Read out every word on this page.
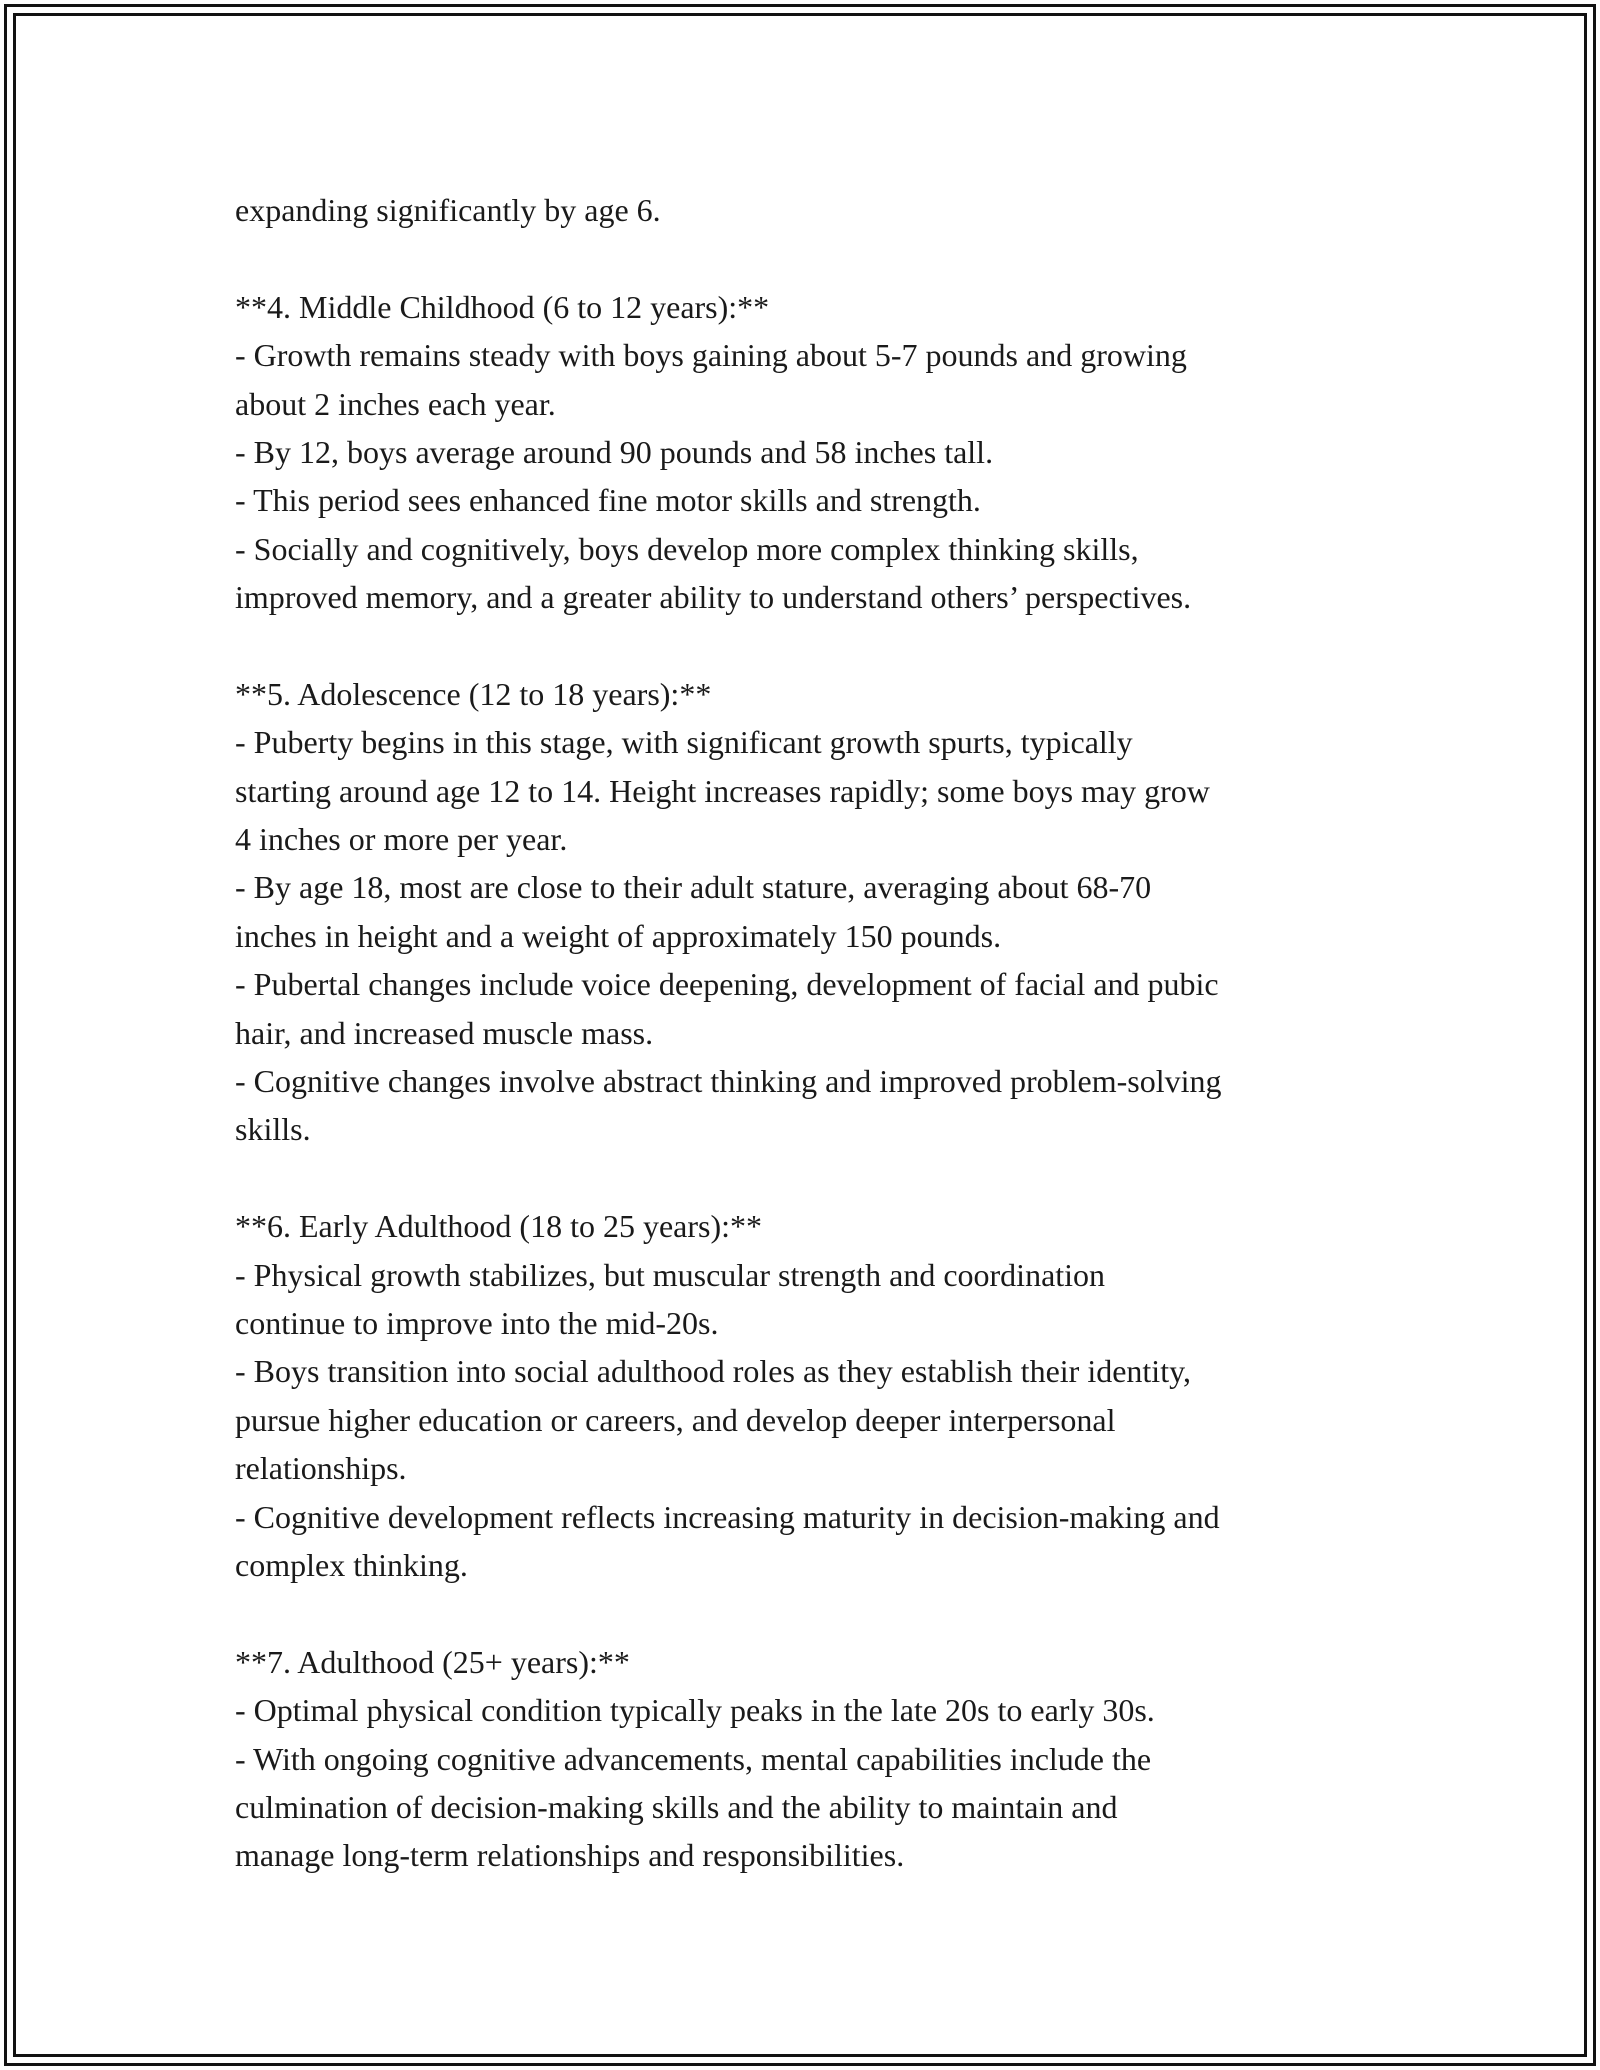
expanding significantly by age 6.
**4. Middle Childhood (6 to 12 years):**
- Growth remains steady with boys gaining about 5-7 pounds and growing
about 2 inches each year.
- By 12, boys average around 90 pounds and 58 inches tall.
- This period sees enhanced fine motor skills and strength.
- Socially and cognitively, boys develop more complex thinking skills,
improved memory, and a greater ability to understand others’ perspectives.
**5. Adolescence (12 to 18 years):**
- Puberty begins in this stage, with significant growth spurts, typically
starting around age 12 to 14. Height increases rapidly; some boys may grow
4 inches or more per year.
- By age 18, most are close to their adult stature, averaging about 68-70
inches in height and a weight of approximately 150 pounds.
- Pubertal changes include voice deepening, development of facial and pubic
hair, and increased muscle mass.
- Cognitive changes involve abstract thinking and improved problem-solving
skills.
**6. Early Adulthood (18 to 25 years):**
- Physical growth stabilizes, but muscular strength and coordination
continue to improve into the mid-20s.
- Boys transition into social adulthood roles as they establish their identity,
pursue higher education or careers, and develop deeper interpersonal
relationships.
- Cognitive development reflects increasing maturity in decision-making and
complex thinking.
**7. Adulthood (25+ years):**
- Optimal physical condition typically peaks in the late 20s to early 30s.
- With ongoing cognitive advancements, mental capabilities include the
culmination of decision-making skills and the ability to maintain and
manage long-term relationships and responsibilities.
